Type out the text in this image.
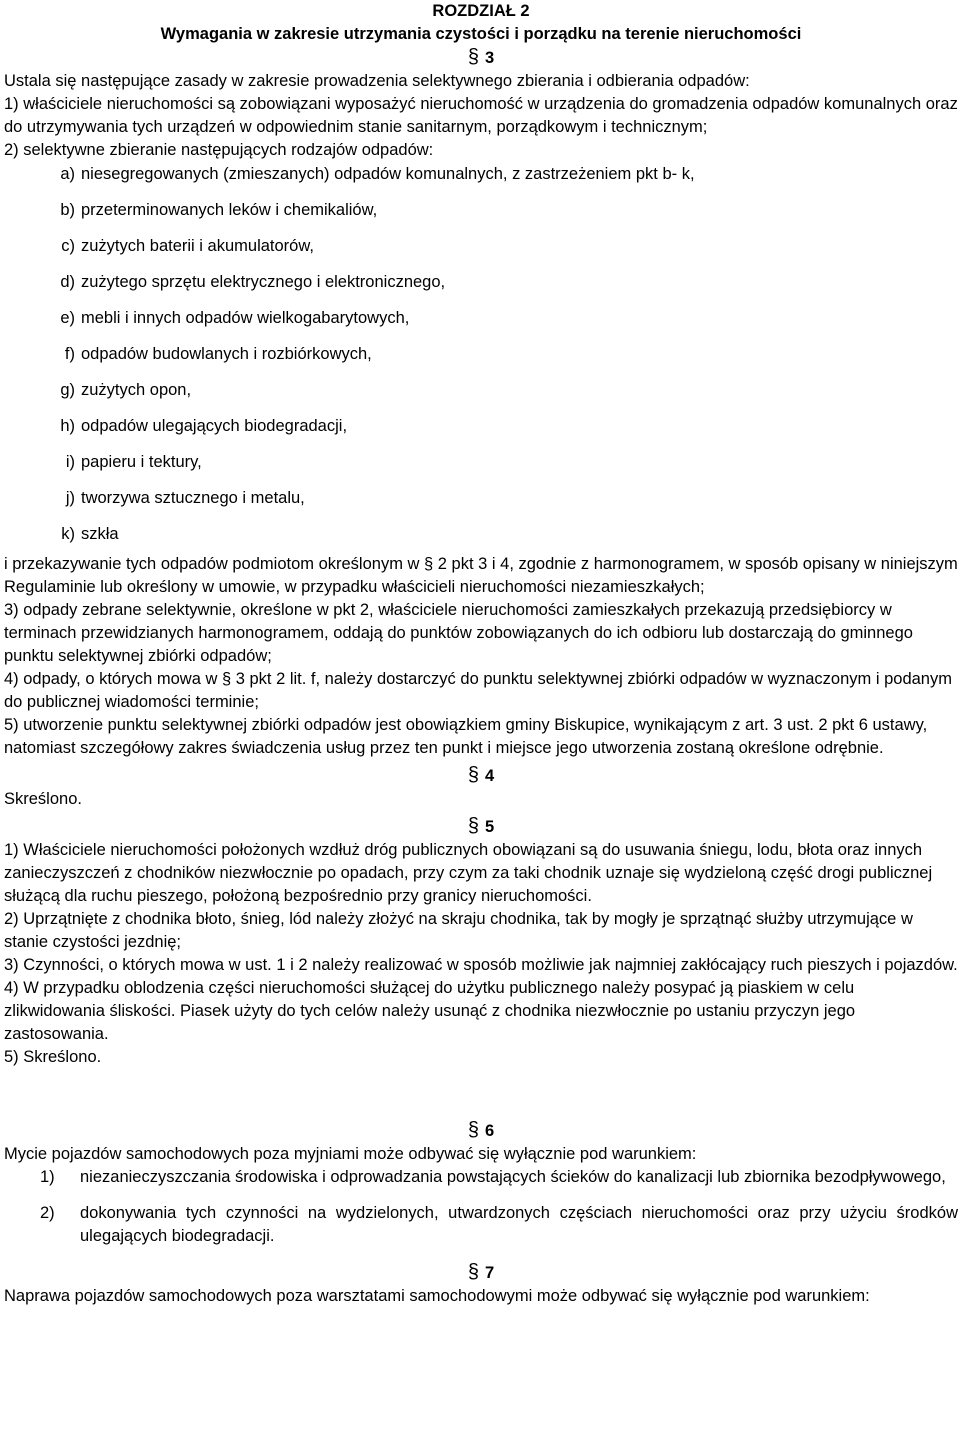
ROZDZIAŁ 2
Wymagania w zakresie utrzymania czystości i porządku na terenie nieruchomości
§ 3

Ustala się następujące zasady w zakresie prowadzenia selektywnego zbierania i odbierania odpadów:

1) właściciele nieruchomości są zobowiązani wyposażyć nieruchomość w urządzenia do gromadzenia odpadów komunalnych oraz do utrzymywania tych urządzeń w odpowiednim stanie sanitarnym, porządkowym i technicznym;

2) selektywne zbieranie następujących rodzajów odpadów:

a) niesegregowanych (zmieszanych) odpadów komunalnych, z zastrzeżeniem pkt b- k,
b) przeterminowanych leków i chemikaliów,
c) zużytych baterii i akumulatorów,
d) zużytego sprzętu elektrycznego i elektronicznego,
e) mebli i innych odpadów wielkogabarytowych,
f) odpadów budowlanych i rozbiórkowych,
g) zużytych opon,
h) odpadów ulegających biodegradacji,
i) papieru i tektury,
j) tworzywa sztucznego i metalu,
k) szkła

i przekazywanie tych odpadów podmiotom określonym w § 2 pkt 3 i 4, zgodnie z harmonogramem, w sposób opisany w niniejszym Regulaminie lub określony w umowie, w przypadku właścicieli nieruchomości niezamieszkałych;

3) odpady zebrane selektywnie, określone w pkt 2, właściciele nieruchomości zamieszkałych przekazują przedsiębiorcy w terminach przewidzianych harmonogramem, oddają do punktów zobowiązanych do ich odbioru lub dostarczają do gminnego punktu selektywnej zbiórki odpadów;

4) odpady, o których mowa w § 3 pkt 2 lit. f, należy dostarczyć do punktu selektywnej zbiórki odpadów w wyznaczonym i podanym do publicznej wiadomości terminie;

5) utworzenie punktu selektywnej zbiórki odpadów jest obowiązkiem gminy Biskupice, wynikającym z art. 3 ust. 2 pkt 6 ustawy, natomiast szczegółowy zakres świadczenia usług przez ten punkt i miejsce jego utworzenia zostaną określone odrębnie.

§ 4

Skreślono.

§ 5

1) Właściciele nieruchomości położonych wzdłuż dróg publicznych obowiązani są do usuwania śniegu, lodu, błota oraz innych zanieczyszczeń z chodników niezwłocznie po opadach, przy czym za taki chodnik uznaje się wydzieloną część drogi publicznej służącą dla ruchu pieszego, położoną bezpośrednio przy granicy nieruchomości.

2) Uprzątnięte z chodnika błoto, śnieg, lód należy złożyć na skraju chodnika, tak by mogły je sprzątnąć służby utrzymujące w stanie czystości jezdnię;

3) Czynności, o których mowa w ust. 1 i 2 należy realizować w sposób możliwie jak najmniej zakłócający ruch pieszych i pojazdów.

4) W przypadku oblodzenia części nieruchomości służącej do użytku publicznego należy posypać ją piaskiem w celu zlikwidowania śliskości. Piasek użyty do tych celów należy usunąć z chodnika niezwłocznie po ustaniu przyczyn jego zastosowania.

5) Skreślono.

§ 6

Mycie pojazdów samochodowych poza myjniami może odbywać się wyłącznie pod warunkiem:

1)	niezanieczyszczania środowiska i odprowadzania powstających ścieków do kanalizacji lub zbiornika bezodpływowego,
2)	dokonywania tych czynności na wydzielonych, utwardzonych częściach nieruchomości oraz przy użyciu środków ulegających biodegradacji.
§ 7

Naprawa pojazdów samochodowych poza warsztatami samochodowymi może odbywać się wyłącznie pod warunkiem:
